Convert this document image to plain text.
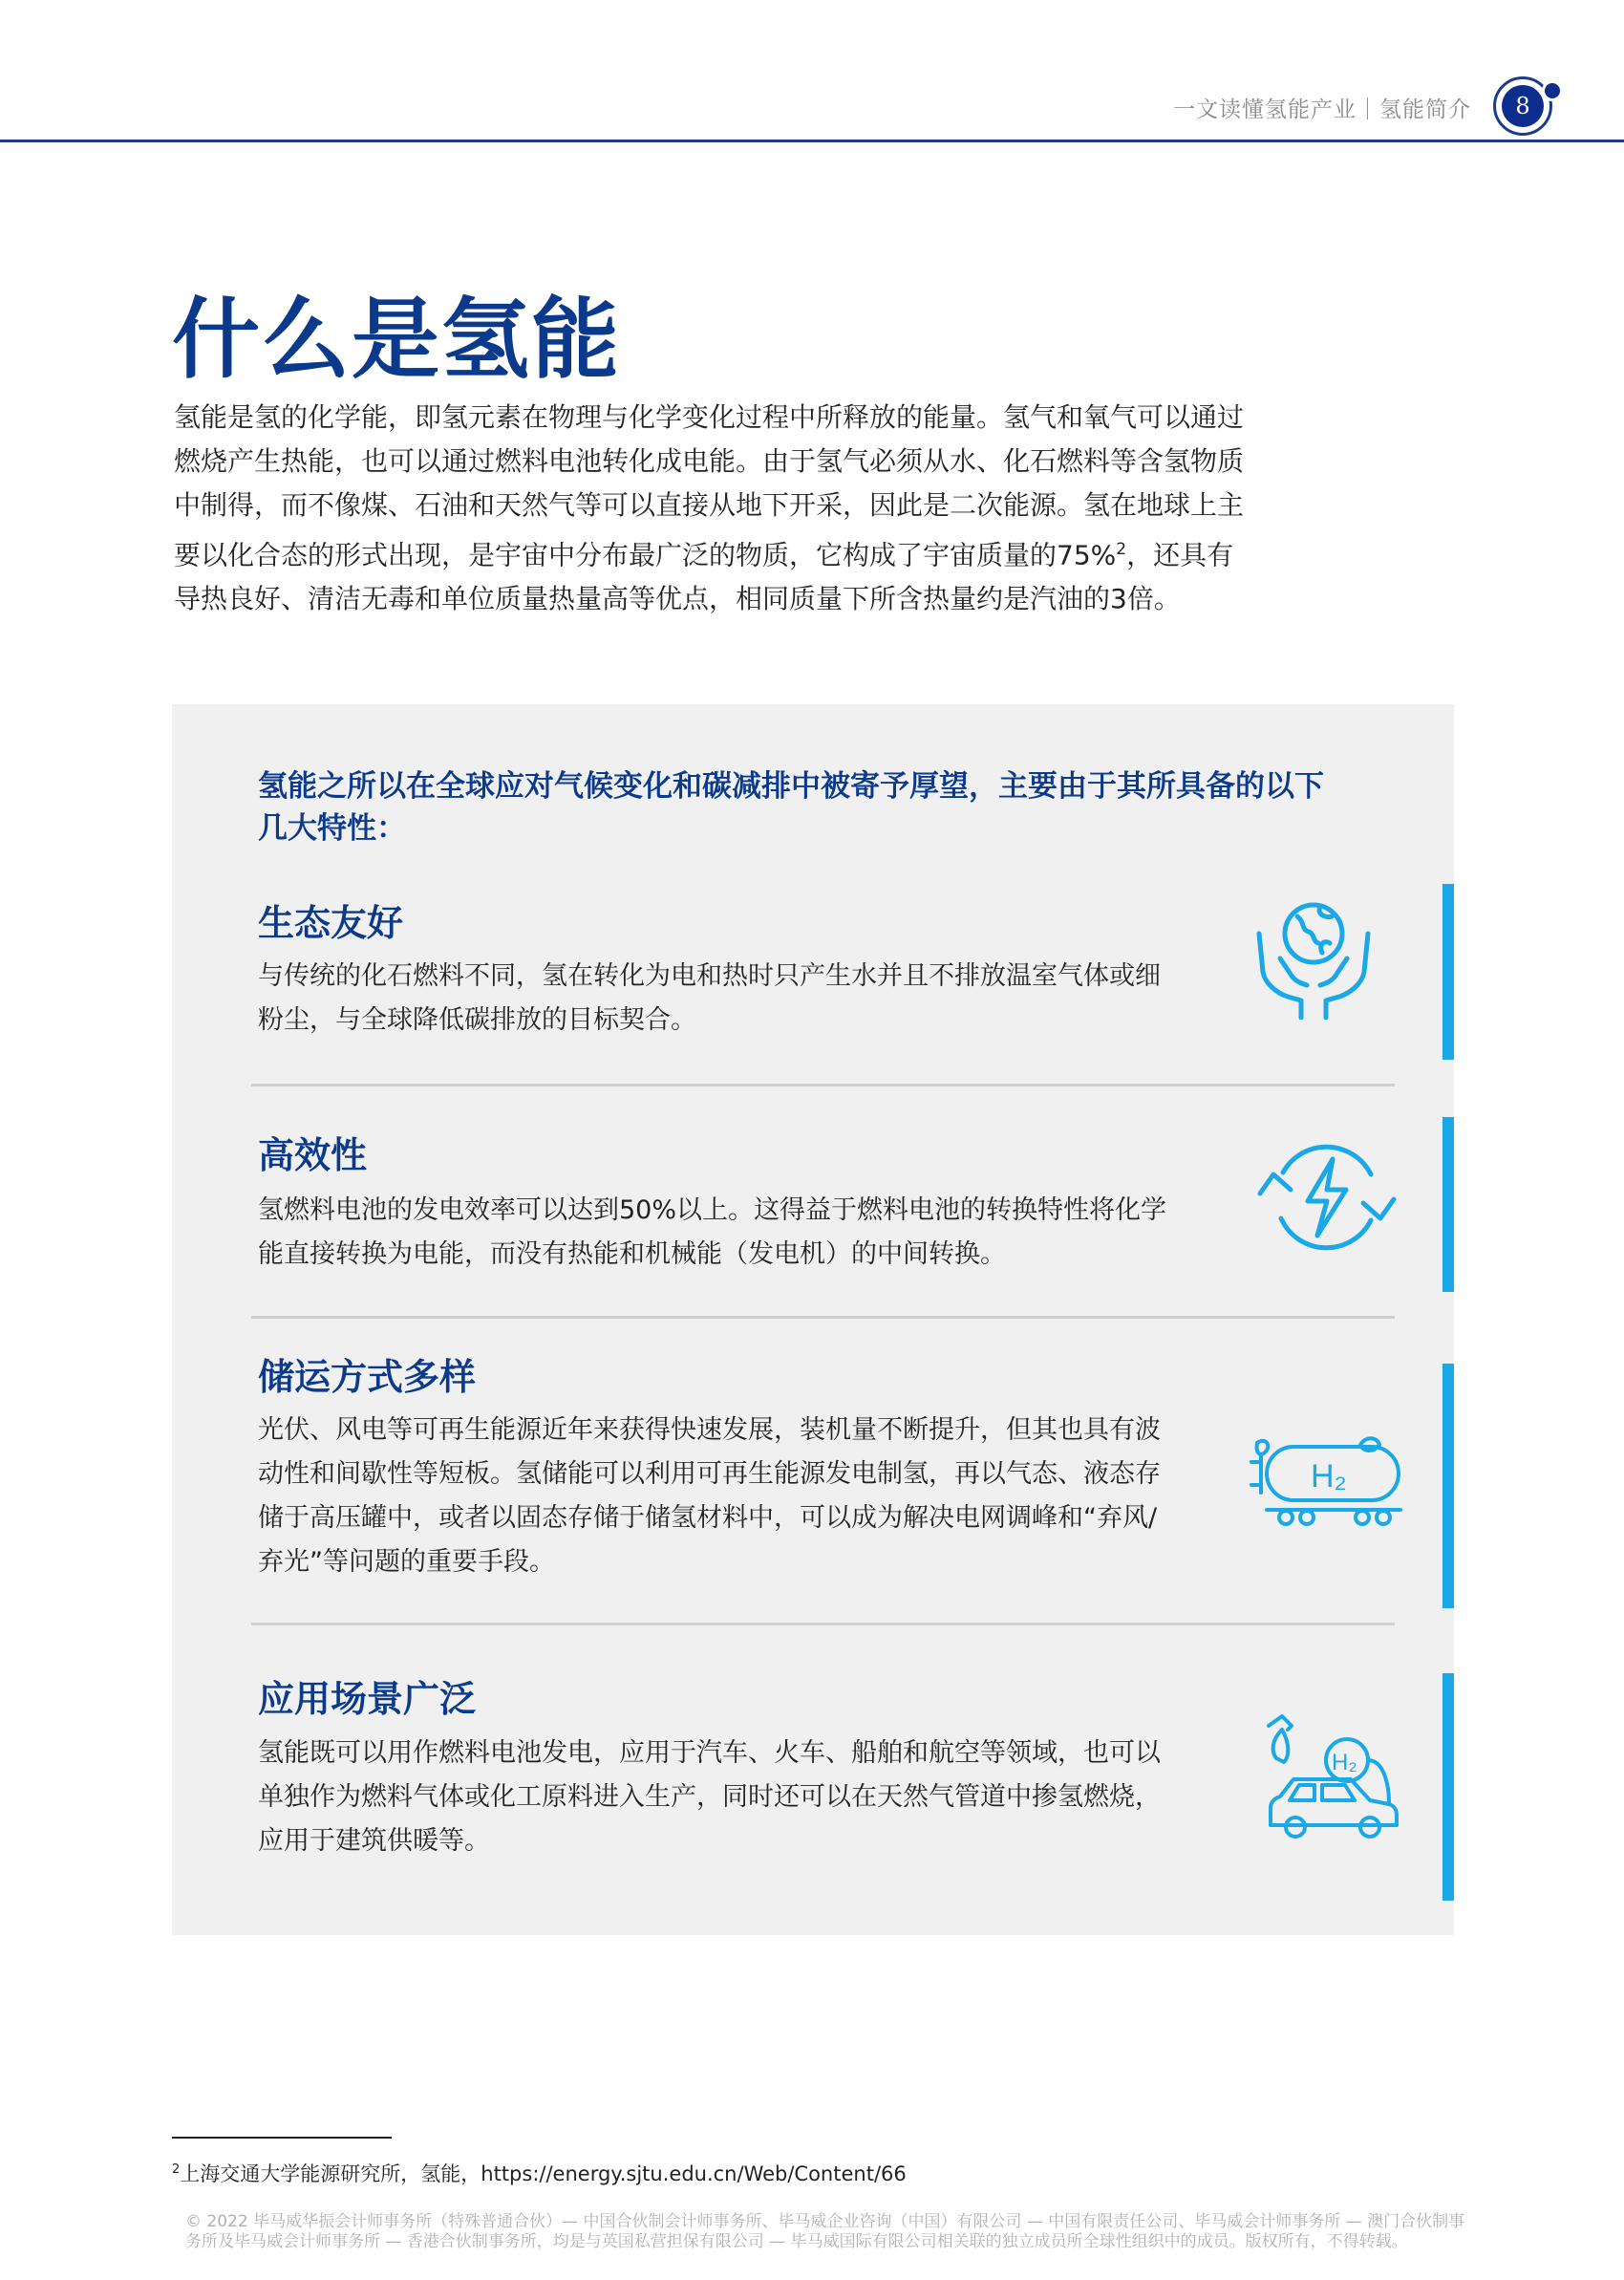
一文读懂氢能产业｜氢能简介	8
什么是氢能
氢能是氢的化学能，即氢元素在物理与化学变化过程中所释放的能量。氢气和氧气可以通过燃烧产生热能，也可以通过燃料电池转化成电能。由于氢气必须从水、化石燃料等含氢物质中制得，而不像煤、石油和天然气等可以直接从地下开采，因此是二次能源。氢在地球上主要以化合态的形式出现，是宇宙中分布最广泛的物质，它构成了宇宙质量的75%$^2$，还具有导热良好、清洁无毒和单位质量热量高等优点，相同质量下所含热量约是汽油的3倍。
氢能之所以在全球应对气候变化和碳减排中被寄予厚望，主要由于其所具备的以下几大特性：
生态友好
与传统的化石燃料不同，氢在转化为电和热时只产生水并且不排放温室气体或细粉尘，与全球降低碳排放的目标契合。
高效性
氢燃料电池的发电效率可以达到50%以上。这得益于燃料电池的转换特性将化学能直接转换为电能，而没有热能和机械能（发电机）的中间转换。
储运方式多样
光伏、风电等可再生能源近年来获得快速发展，装机量不断提升，但其也具有波动性和间歇性等短板。氢储能可以利用可再生能源发电制氢，再以气态、液态存储于高压罐中，或者以固态存储于储氢材料中，可以成为解决电网调峰和“弃风/弃光”等问题的重要手段。
H₂
应用场景广泛
氢能既可以用作燃料电池发电，应用于汽车、火车、船舶和航空等领域，也可以单独作为燃料气体或化工原料进入生产，同时还可以在天然气管道中掺氢燃烧，应用于建筑供暖等。
H₂
$^2$上海交通大学能源研究所，氢能，https://energy.sjtu.edu.cn/Web/Content/66
© 2022 毕马威华振会计师事务所（特殊普通合伙）— 中国合伙制会计师事务所、毕马威企业咨询（中国）有限公司 — 中国有限责任公司、毕马威会计师事务所 — 澳门合伙制事务所及毕马威会计师事务所 — 香港合伙制事务所，均是与英国私营担保有限公司 — 毕马威国际有限公司相关联的独立成员所全球性组织中的成员。版权所有，不得转载。
